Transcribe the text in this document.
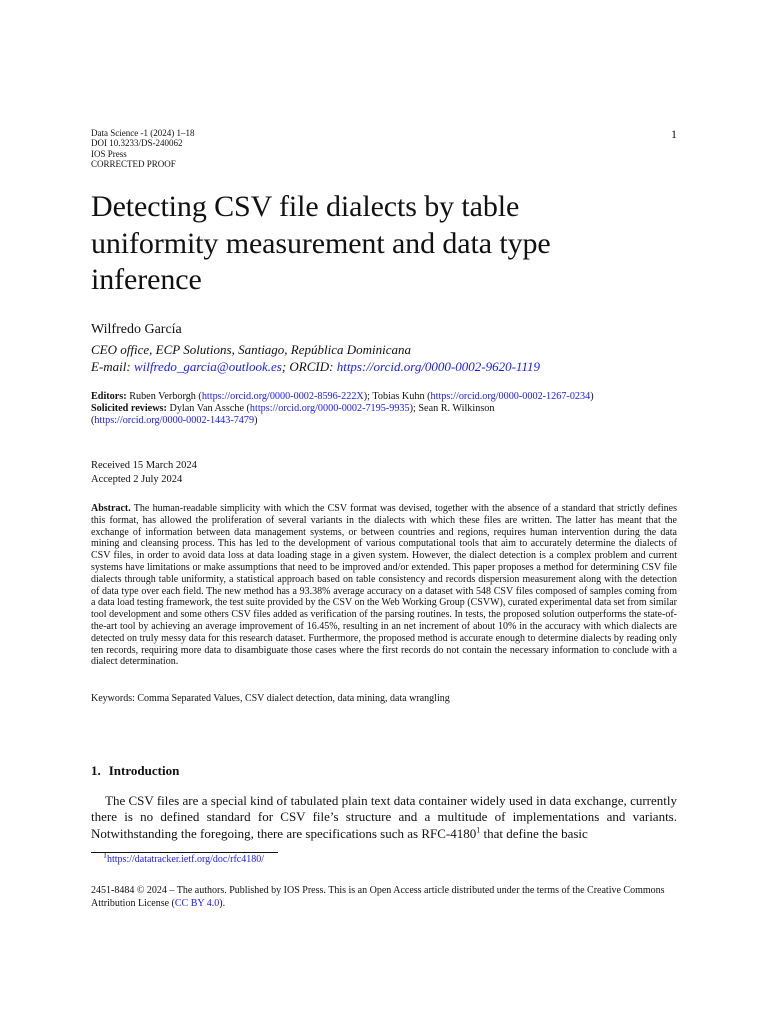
Data Science -1 (2024) 1–18
DOI 10.3233/DS-240062
IOS Press
CORRECTED PROOF
1
Detecting CSV file dialects by table uniformity measurement and data type inference
Wilfredo García
CEO office, ECP Solutions, Santiago, República Dominicana
E-mail: wilfredo_garcia@outlook.es; ORCID: https://orcid.org/0000-0002-9620-1119
Editors: Ruben Verborgh (https://orcid.org/0000-0002-8596-222X); Tobias Kuhn (https://orcid.org/0000-0002-1267-0234)
Solicited reviews: Dylan Van Assche (https://orcid.org/0000-0002-7195-9935); Sean R. Wilkinson
(https://orcid.org/0000-0002-1443-7479)
Received 15 March 2024
Accepted 2 July 2024
Abstract. The human-readable simplicity with which the CSV format was devised, together with the absence of a standard that strictly defines this format, has allowed the proliferation of several variants in the dialects with which these files are written. The latter has meant that the exchange of information between data management systems, or between countries and regions, requires human intervention during the data mining and cleansing process. This has led to the development of various computational tools that aim to accurately determine the dialects of CSV files, in order to avoid data loss at data loading stage in a given system. However, the dialect detection is a complex problem and current systems have limitations or make assumptions that need to be improved and/or extended. This paper proposes a method for determining CSV file dialects through table uniformity, a statistical approach based on table consistency and records dispersion measurement along with the detection of data type over each field. The new method has a 93.38% average accuracy on a dataset with 548 CSV files composed of samples coming from a data load testing framework, the test suite provided by the CSV on the Web Working Group (CSVW), curated experimental data set from similar tool development and some others CSV files added as verification of the parsing routines. In tests, the proposed solution outperforms the state-of-the-art tool by achieving an average improvement of 16.45%, resulting in an net increment of about 10% in the accuracy with which dialects are detected on truly messy data for this research dataset. Furthermore, the proposed method is accurate enough to determine dialects by reading only ten records, requiring more data to disambiguate those cases where the first records do not contain the necessary information to conclude with a dialect determination.
Keywords: Comma Separated Values, CSV dialect detection, data mining, data wrangling
1. Introduction
The CSV files are a special kind of tabulated plain text data container widely used in data exchange, currently there is no defined standard for CSV file’s structure and a multitude of implementations and variants. Notwithstanding the foregoing, there are specifications such as RFC-4180$^1$ that define the basic
$^1$https://datatracker.ietf.org/doc/rfc4180/
2451-8484 © 2024 – The authors. Published by IOS Press. This is an Open Access article distributed under the terms of the Creative Commons Attribution License (CC BY 4.0).
